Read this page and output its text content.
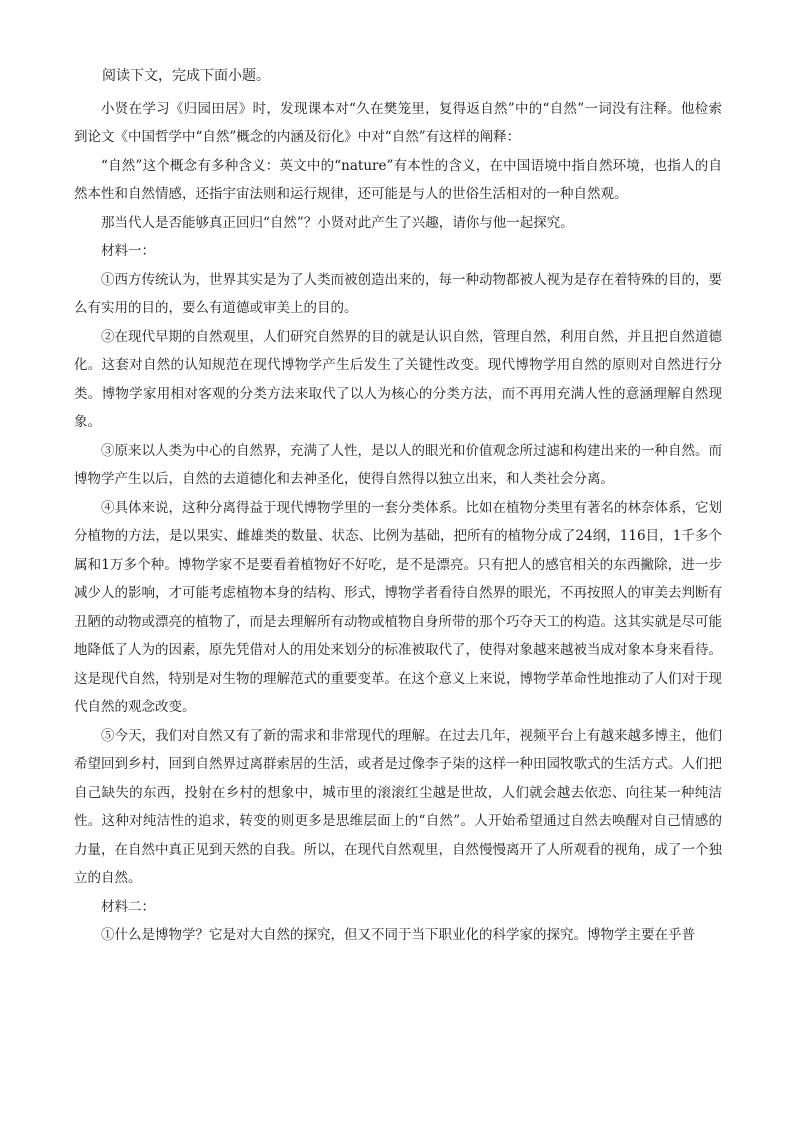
阅读下文，完成下面小题。

小贤在学习《归园田居》时，发现课本对“久在樊笼里，复得返自然”中的“自然”一词没有注释。他检索到论文《中国哲学中“自然”概念的内涵及衍化》中对“自然”有这样的阐释：

“自然”这个概念有多种含义：英文中的“nature”有本性的含义，在中国语境中指自然环境，也指人的自然本性和自然情感，还指宇宙法则和运行规律，还可能是与人的世俗生活相对的一种自然观。

那当代人是否能够真正回归“自然”？小贤对此产生了兴趣，请你与他一起探究。

材料一：

①西方传统认为，世界其实是为了人类而被创造出来的，每一种动物都被人视为是存在着特殊的目的，要么有实用的目的，要么有道德或审美上的目的。

②在现代早期的自然观里，人们研究自然界的目的就是认识自然，管理自然，利用自然，并且把自然道德化。这套对自然的认知规范在现代博物学产生后发生了关键性改变。现代博物学用自然的原则对自然进行分类。博物学家用相对客观的分类方法来取代了以人为核心的分类方法，而不再用充满人性的意涵理解自然现象。

③原来以人类为中心的自然界，充满了人性，是以人的眼光和价值观念所过滤和构建出来的一种自然。而博物学产生以后，自然的去道德化和去神圣化，使得自然得以独立出来，和人类社会分离。

④具体来说，这种分离得益于现代博物学里的一套分类体系。比如在植物分类里有著名的林奈体系，它划分植物的方法，是以果实、雌雄类的数量、状态、比例为基础，把所有的植物分成了24纲，116目，1千多个属和1万多个种。博物学家不是要看着植物好不好吃，是不是漂亮。只有把人的感官相关的东西撇除，进一步减少人的影响，才可能考虑植物本身的结构、形式，博物学者看待自然界的眼光，不再按照人的审美去判断有丑陋的动物或漂亮的植物了，而是去理解所有动物或植物自身所带的那个巧夺天工的构造。这其实就是尽可能地降低了人为的因素，原先凭借对人的用处来划分的标准被取代了，使得对象越来越被当成对象本身来看待。这是现代自然，特别是对生物的理解范式的重要变革。在这个意义上来说，博物学革命性地推动了人们对于现代自然的观念改变。

⑤今天，我们对自然又有了新的需求和非常现代的理解。在过去几年，视频平台上有越来越多博主，他们希望回到乡村，回到自然界过离群索居的生活，或者是过像李子柒的这样一种田园牧歌式的生活方式。人们把自己缺失的东西，投射在乡村的想象中，城市里的滚滚红尘越是世故，人们就会越去依恋、向往某一种纯洁性。这种对纯洁性的追求，转变的则更多是思维层面上的“自然”。人开始希望通过自然去唤醒对自己情感的力量，在自然中真正见到天然的自我。所以，在现代自然观里，自然慢慢离开了人所观看的视角，成了一个独立的自然。

材料二：

①什么是博物学？它是对大自然的探究，但又不同于当下职业化的科学家的探究。博物学主要在乎普
